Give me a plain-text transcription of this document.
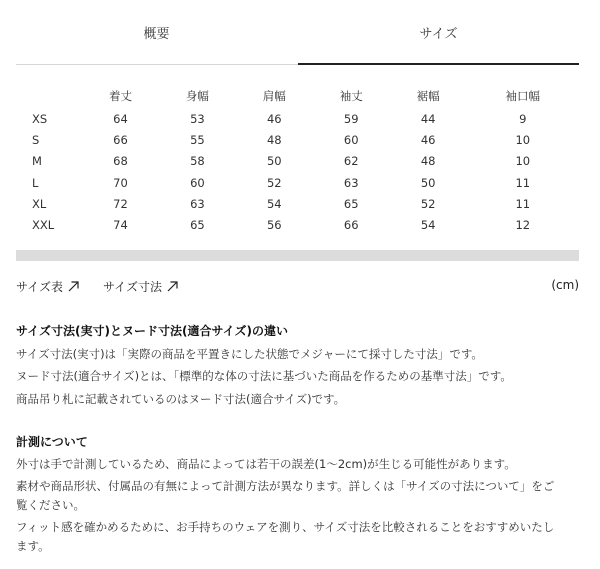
概要	サイズ
	着丈	身幅	肩幅	袖丈	裾幅	袖口幅
XS	64	53	46	59	44	9
S	66	55	48	60	46	10
M	68	58	50	62	48	10
L	70	60	52	63	50	11
XL	72	63	54	65	52	11
XXL	74	65	56	66	54	12
サイズ表	サイズ寸法	(cm)
サイズ寸法(実寸)とヌード寸法(適合サイズ)の違い

サイズ寸法(実寸)は「実際の商品を平置きにした状態でメジャーにて採寸した寸法」です。

ヌード寸法(適合サイズ)とは、「標準的な体の寸法に基づいた商品を作るための基準寸法」です。

商品吊り札に記載されているのはヌード寸法(適合サイズ)です。

計測について

外寸は手で計測しているため、商品によっては若干の誤差(1〜2cm)が生じる可能性があります。

素材や商品形状、付属品の有無によって計測方法が異なります。詳しくは「サイズの寸法について」をご

覧ください。

フィット感を確かめるために、お手持ちのウェアを測り、サイズ寸法を比較されることをおすすめいたし

ます。
